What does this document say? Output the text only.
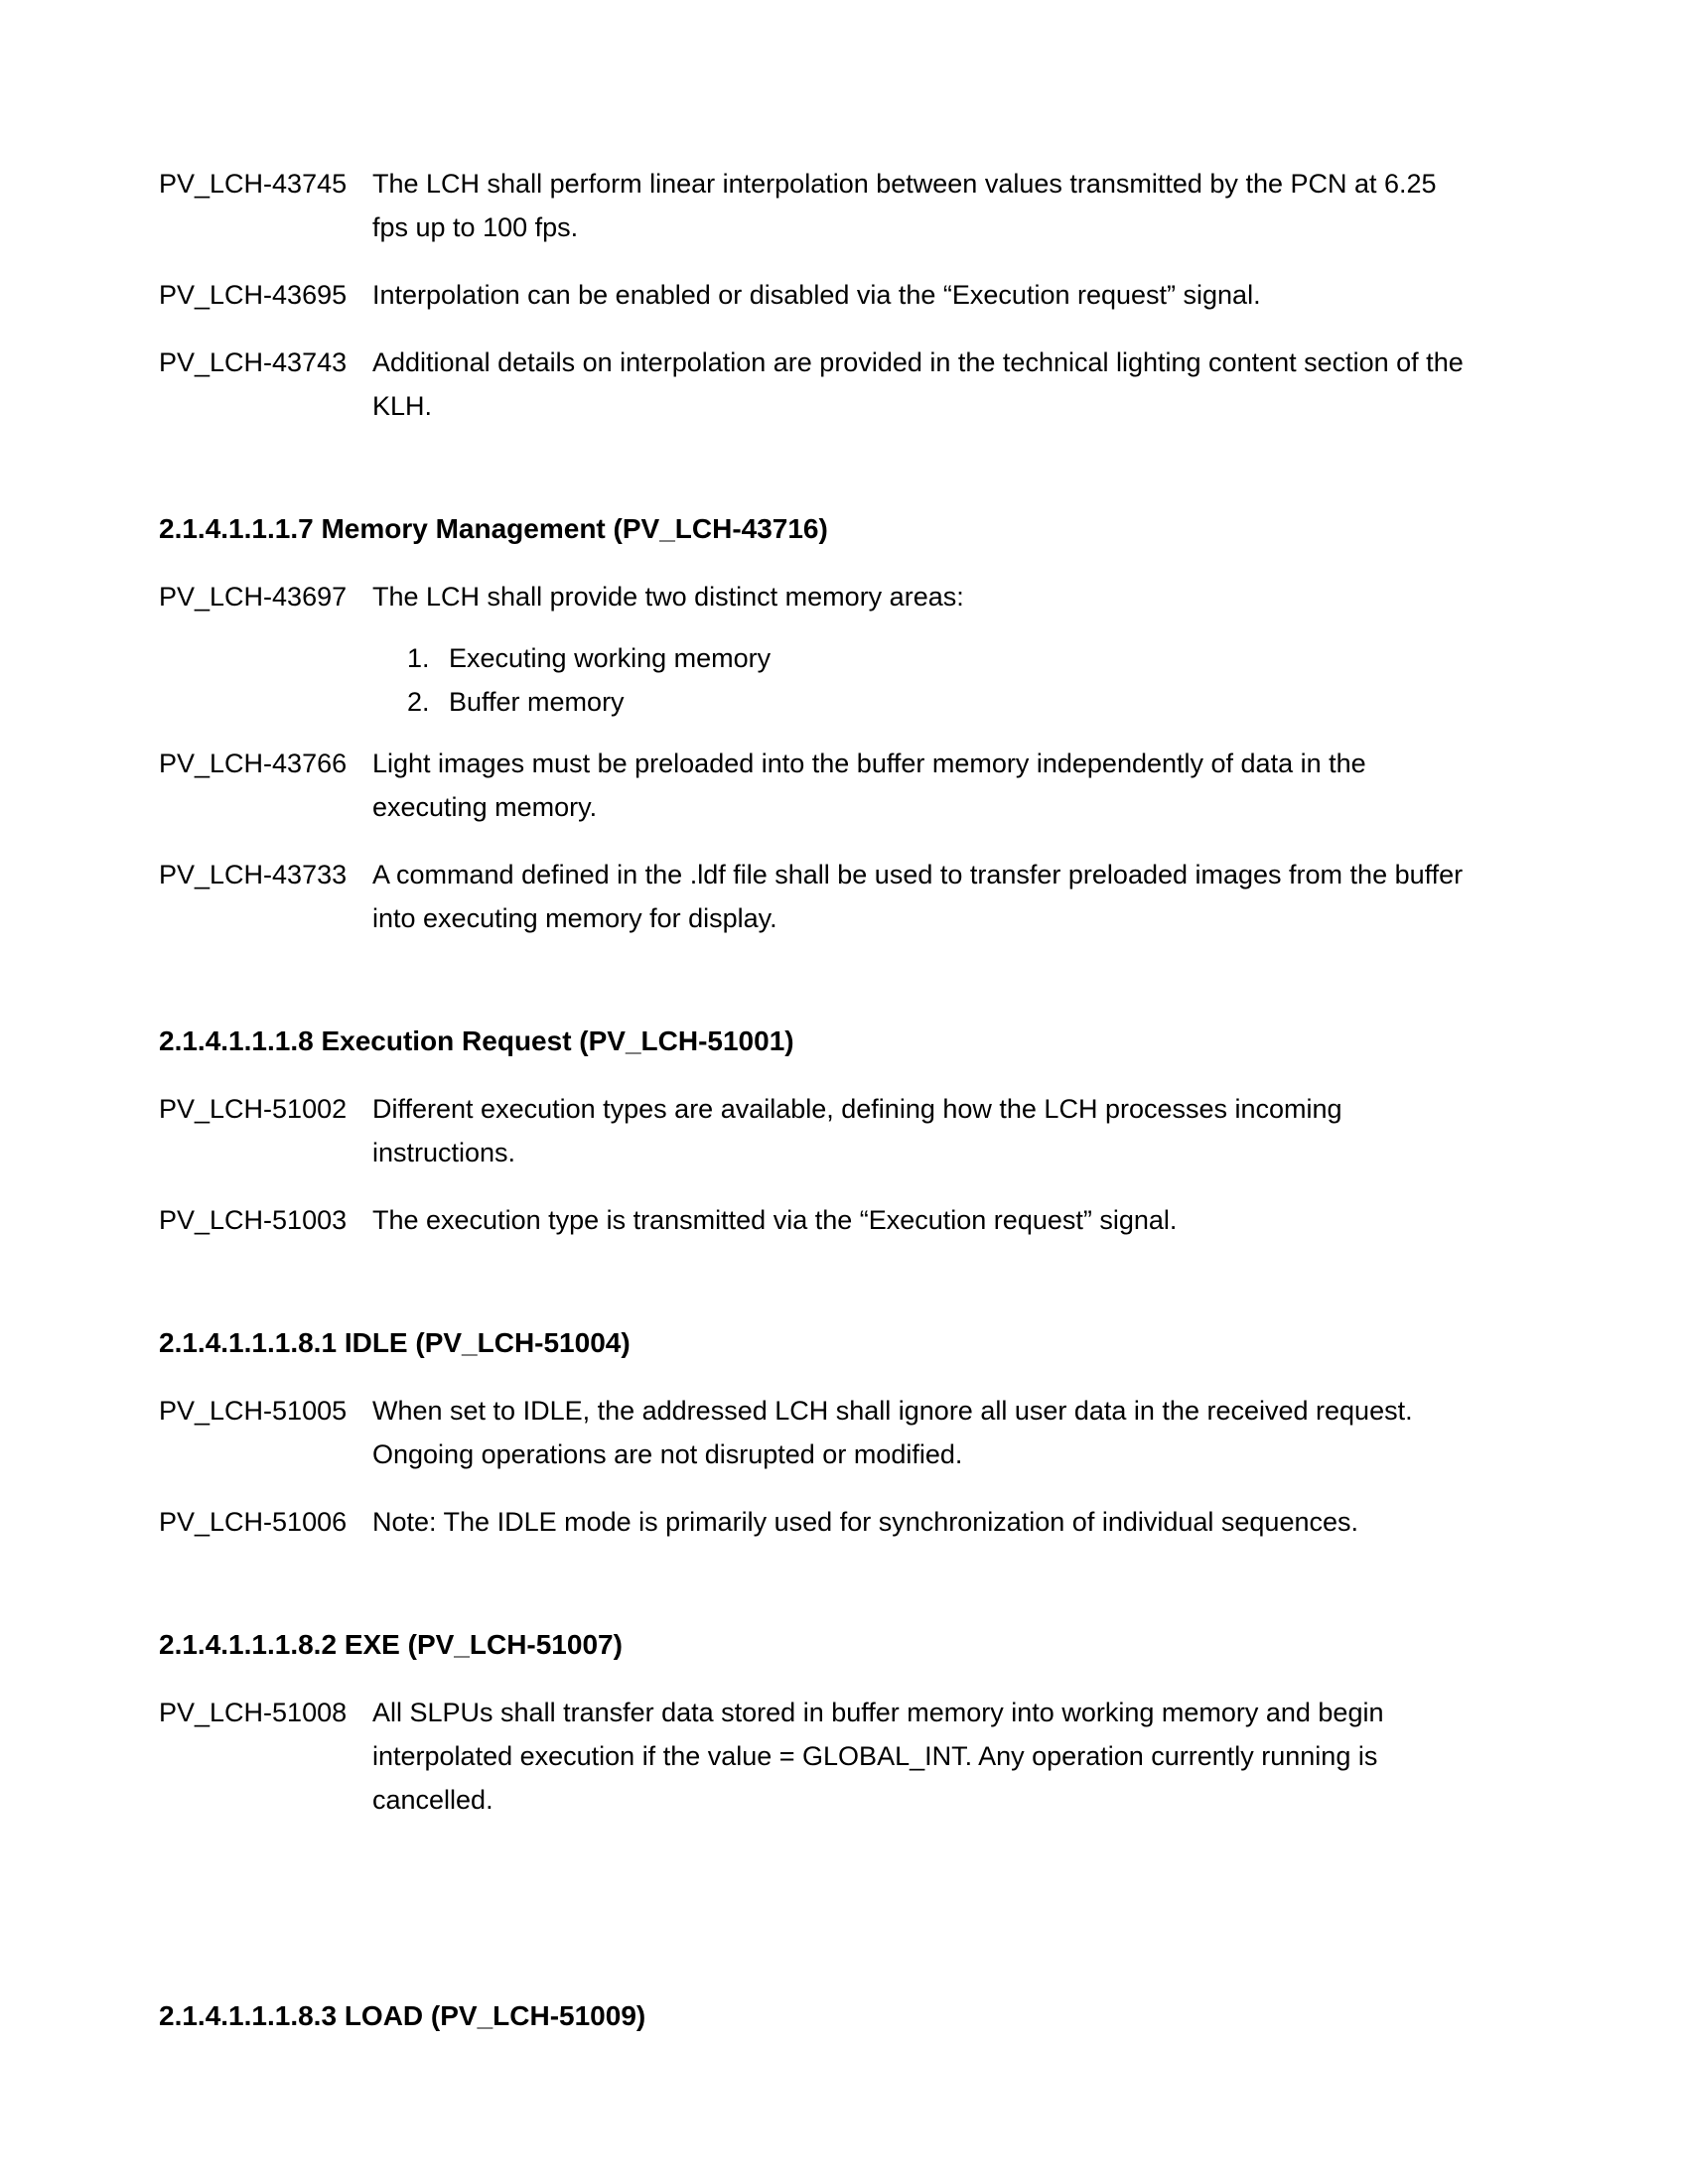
PV_LCH-43745 The LCH shall perform linear interpolation between values transmitted by the PCN at 6.25 fps up to 100 fps.
PV_LCH-43695 Interpolation can be enabled or disabled via the “Execution request” signal.
PV_LCH-43743 Additional details on interpolation are provided in the technical lighting content section of the KLH.
2.1.4.1.1.1.7 Memory Management (PV_LCH-43716)
PV_LCH-43697 The LCH shall provide two distinct memory areas:
1. Executing working memory
2. Buffer memory
PV_LCH-43766 Light images must be preloaded into the buffer memory independently of data in the executing memory.
PV_LCH-43733 A command defined in the .ldf file shall be used to transfer preloaded images from the buffer into executing memory for display.
2.1.4.1.1.1.8 Execution Request (PV_LCH-51001)
PV_LCH-51002 Different execution types are available, defining how the LCH processes incoming instructions.
PV_LCH-51003 The execution type is transmitted via the “Execution request” signal.
2.1.4.1.1.1.8.1 IDLE (PV_LCH-51004)
PV_LCH-51005 When set to IDLE, the addressed LCH shall ignore all user data in the received request. Ongoing operations are not disrupted or modified.
PV_LCH-51006 Note: The IDLE mode is primarily used for synchronization of individual sequences.
2.1.4.1.1.1.8.2 EXE (PV_LCH-51007)
PV_LCH-51008 All SLPUs shall transfer data stored in buffer memory into working memory and begin interpolated execution if the value = GLOBAL_INT. Any operation currently running is cancelled.
2.1.4.1.1.1.8.3 LOAD (PV_LCH-51009)
